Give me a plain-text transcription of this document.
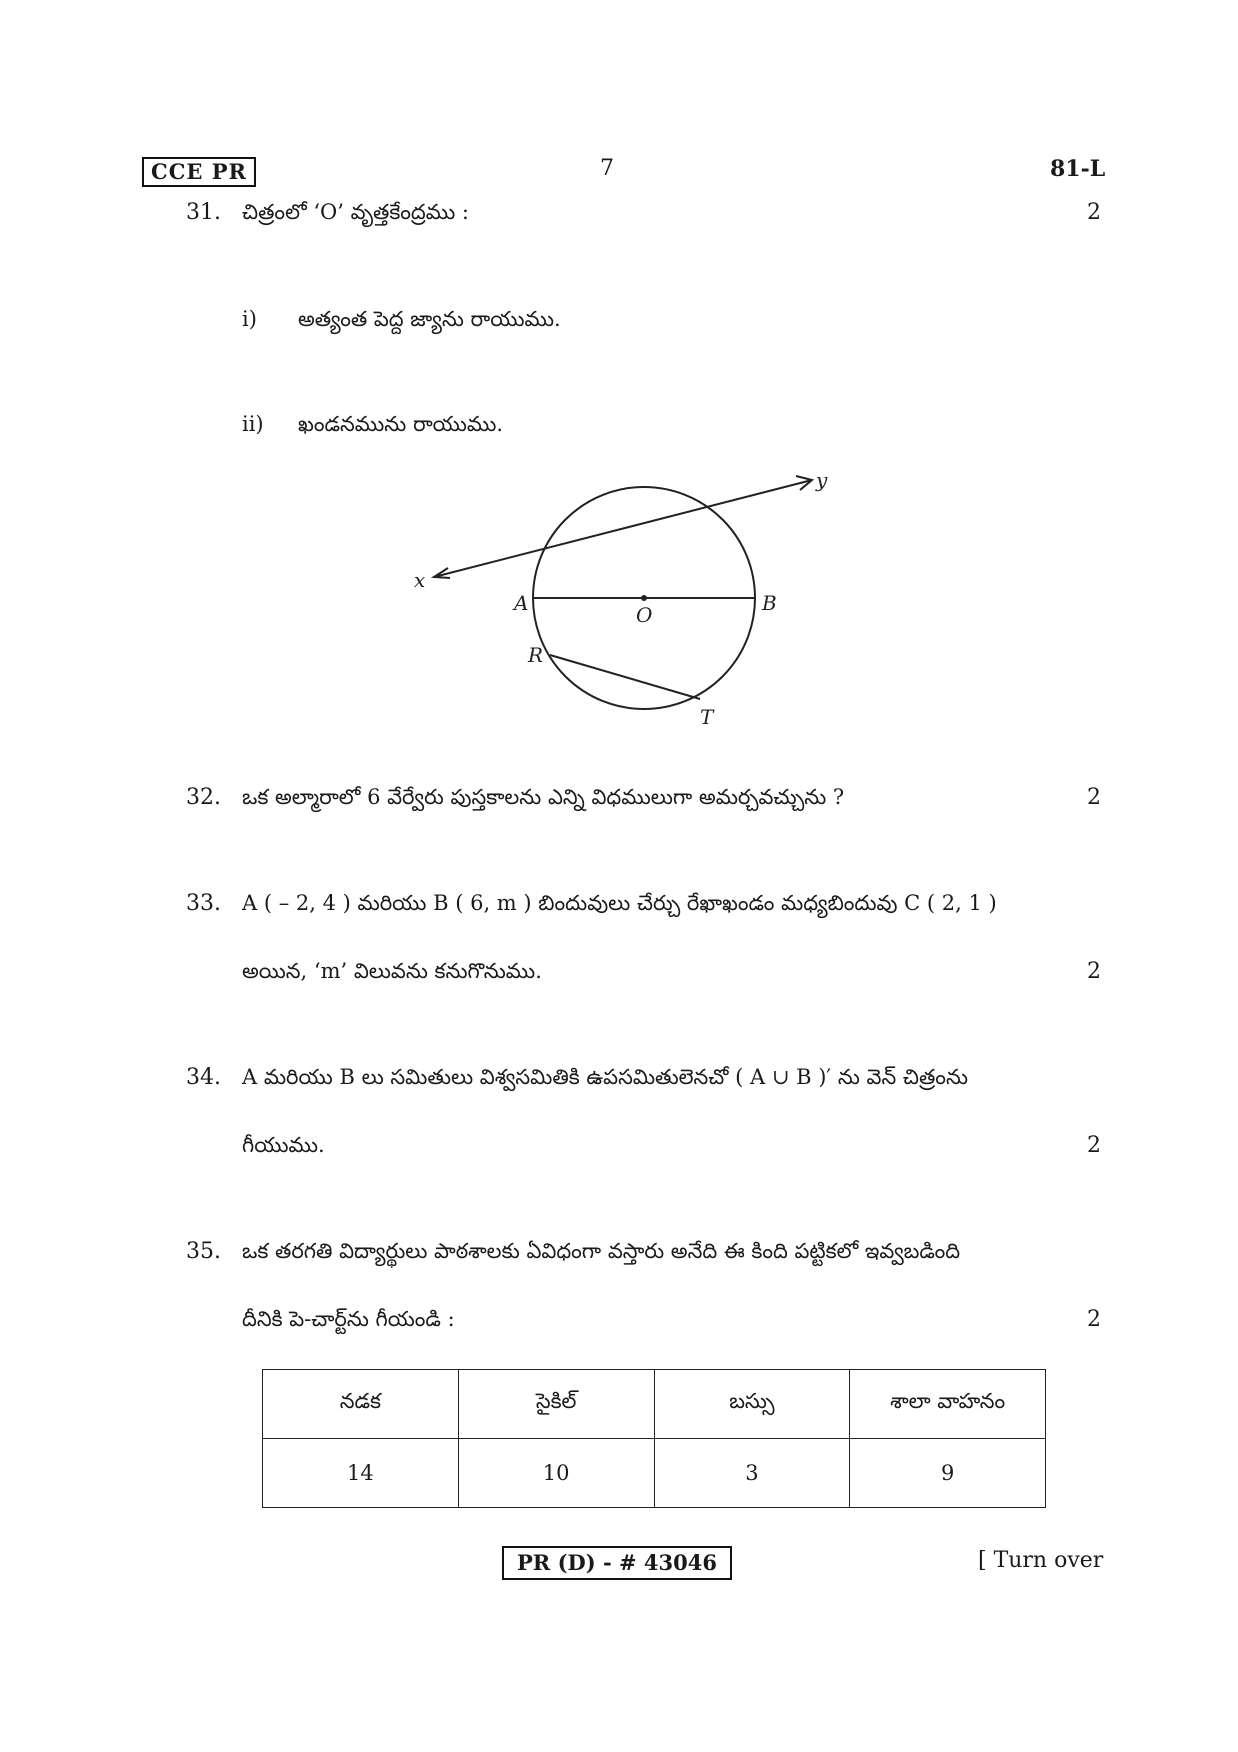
CCE PR	7	81-L
31. చిత్రంలో ‘O’ వృత్తకేంద్రము :	2
i) అత్యంత పెద్ద జ్యాను రాయుము.
ii) ఖండనమును రాయుము.
x
y
A	B
O
R
T
32. ఒక అల్మారాలో 6 వేర్వేరు పుస్తకాలను ఎన్ని విధములుగా అమర్చవచ్చును ?	2
33. A ( – 2, 4 ) మరియు B ( 6, m ) బిందువులు చేర్చు రేఖాఖండం మధ్యబిందువు C ( 2, 1 )
అయిన, ‘m’ విలువను కనుగొనుము.	2
34. A మరియు B లు సమితులు విశ్వసమితికి ఉపసమితులెనచో ( A ∪ B )′ ను వెన్ చిత్రంను
గీయుము.	2
35. ఒక తరగతి విద్యార్థులు పాఠశాలకు ఏవిధంగా వస్తారు అనేది ఈ కింది పట్టికలో ఇవ్వబడింది
దీనికి పె-చార్ట్‌ను గీయండి :	2
నడక	సైకిల్	బస్సు	శాలా వాహనం
14	10	3	9
PR (D) - # 43046	[ Turn over
